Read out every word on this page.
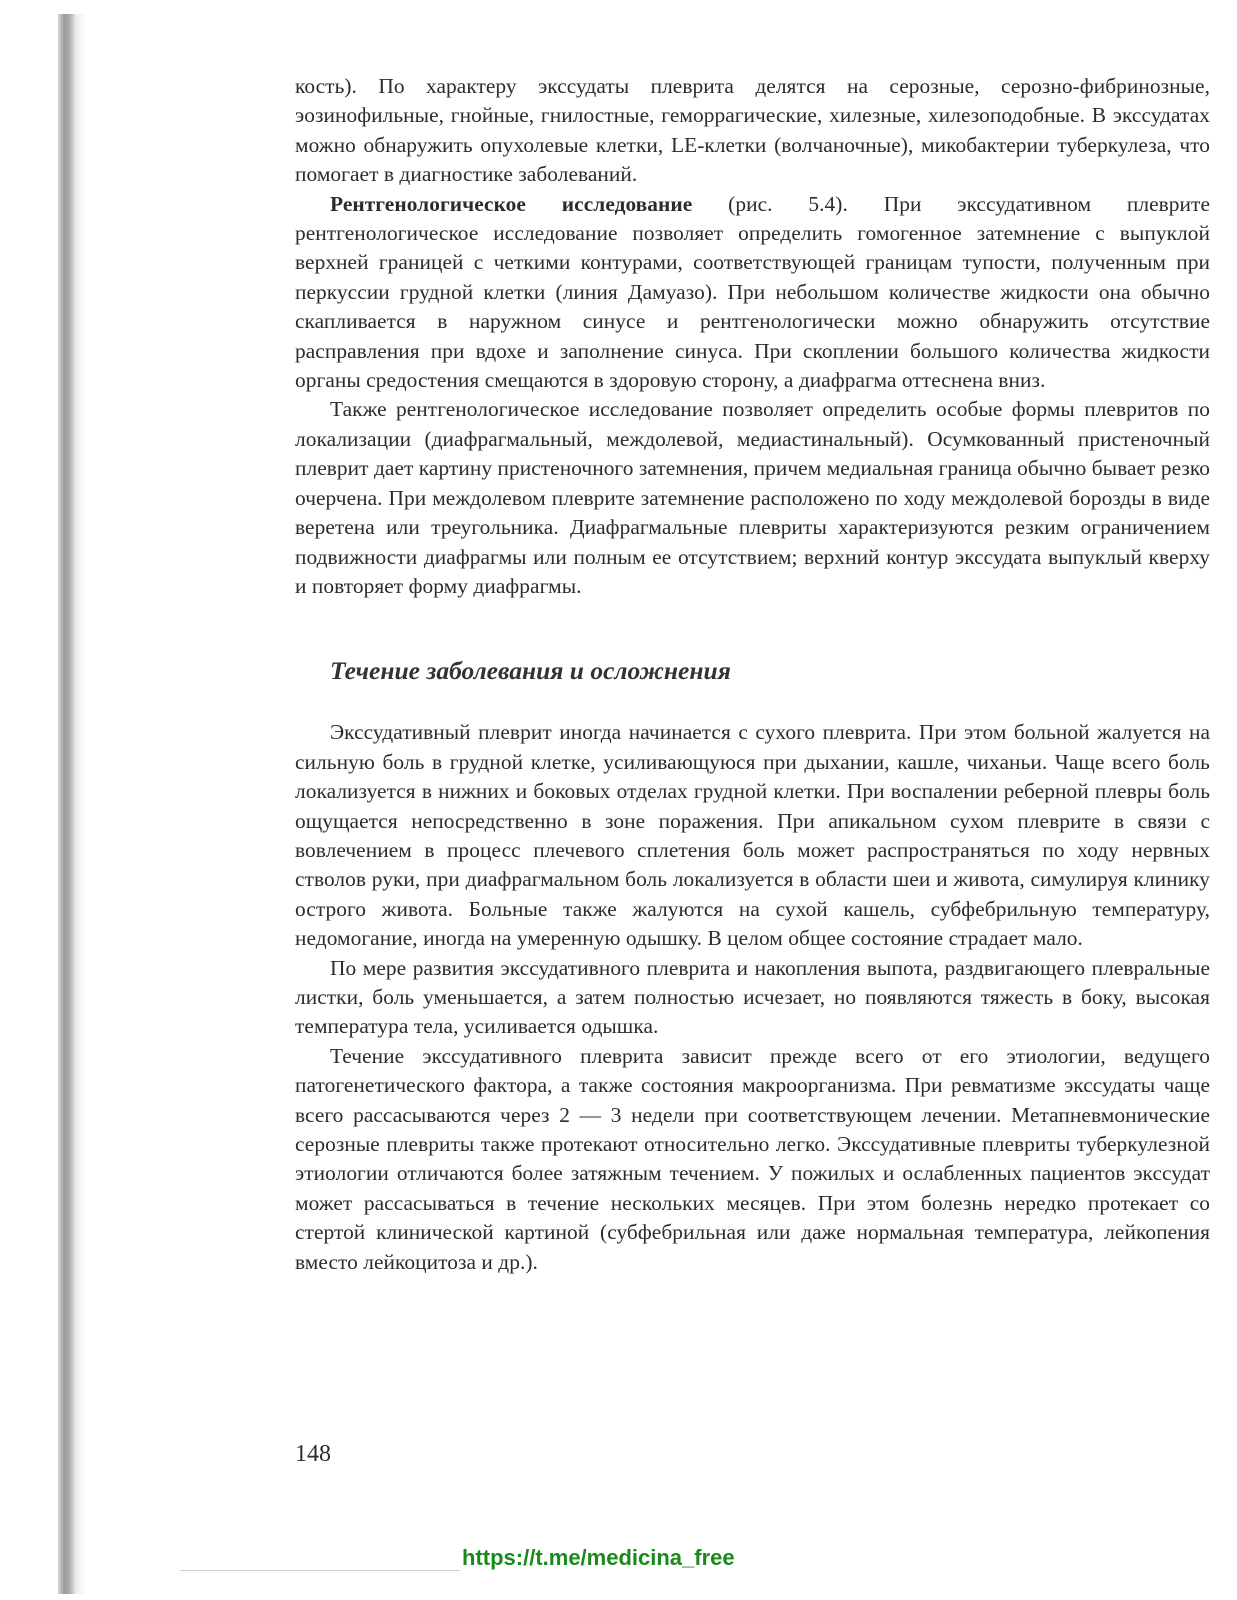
кость). По характеру экссудаты плеврита делятся на серозные, серозно-фибринозные, эозинофильные, гнойные, гнилостные, геморрагические, хилезные, хилезоподобные. В экссудатах можно обнаружить опухолевые клетки, LE-клетки (волчаночные), микобактерии туберкулеза, что помогает в диагностике заболеваний.

Рентгенологическое исследование (рис. 5.4). При экссудативном плеврите рентгенологическое исследование позволяет определить гомогенное затемнение с выпуклой верхней границей с четкими контурами, соответствующей границам тупости, полученным при перкуссии грудной клетки (линия Дамуазо). При небольшом количестве жидкости она обычно скапливается в наружном синусе и рентгенологически можно обнаружить отсутствие расправления при вдохе и заполнение синуса. При скоплении большого количества жидкости органы средостения смещаются в здоровую сторону, а диафрагма оттеснена вниз.

Также рентгенологическое исследование позволяет определить особые формы плевритов по локализации (диафрагмальный, междолевой, медиастинальный). Осумкованный пристеночный плеврит дает картину пристеночного затемнения, причем медиальная граница обычно бывает резко очерчена. При междолевом плеврите затемнение расположено по ходу междолевой борозды в виде веретена или треугольника. Диафрагмальные плевриты характеризуются резким ограничением подвижности диафрагмы или полным ее отсутствием; верхний контур экссудата выпуклый кверху и повторяет форму диафрагмы.

Течение заболевания и осложнения

Экссудативный плеврит иногда начинается с сухого плеврита. При этом больной жалуется на сильную боль в грудной клетке, усиливающуюся при дыхании, кашле, чиханьи. Чаще всего боль локализуется в нижних и боковых отделах грудной клетки. При воспалении реберной плевры боль ощущается непосредственно в зоне поражения. При апикальном сухом плеврите в связи с вовлечением в процесс плечевого сплетения боль может распространяться по ходу нервных стволов руки, при диафрагмальном боль локализуется в области шеи и живота, симулируя клинику острого живота. Больные также жалуются на сухой кашель, субфебрильную температуру, недомогание, иногда на умеренную одышку. В целом общее состояние страдает мало.

По мере развития экссудативного плеврита и накопления выпота, раздвигающего плевральные листки, боль уменьшается, а затем полностью исчезает, но появляются тяжесть в боку, высокая температура тела, усиливается одышка.

Течение экссудативного плеврита зависит прежде всего от его этиологии, ведущего патогенетического фактора, а также состояния макроорганизма. При ревматизме экссудаты чаще всего рассасываются через 2 — 3 недели при соответствующем лечении. Метапневмонические серозные плевриты также протекают относительно легко. Экссудативные плевриты туберкулезной этиологии отличаются более затяжным течением. У пожилых и ослабленных пациентов экссудат может рассасываться в течение нескольких месяцев. При этом болезнь нередко протекает со стертой клинической картиной (субфебрильная или даже нормальная температура, лейкопения вместо лейкоцитоза и др.).

148
https://t.me/medicina_free
